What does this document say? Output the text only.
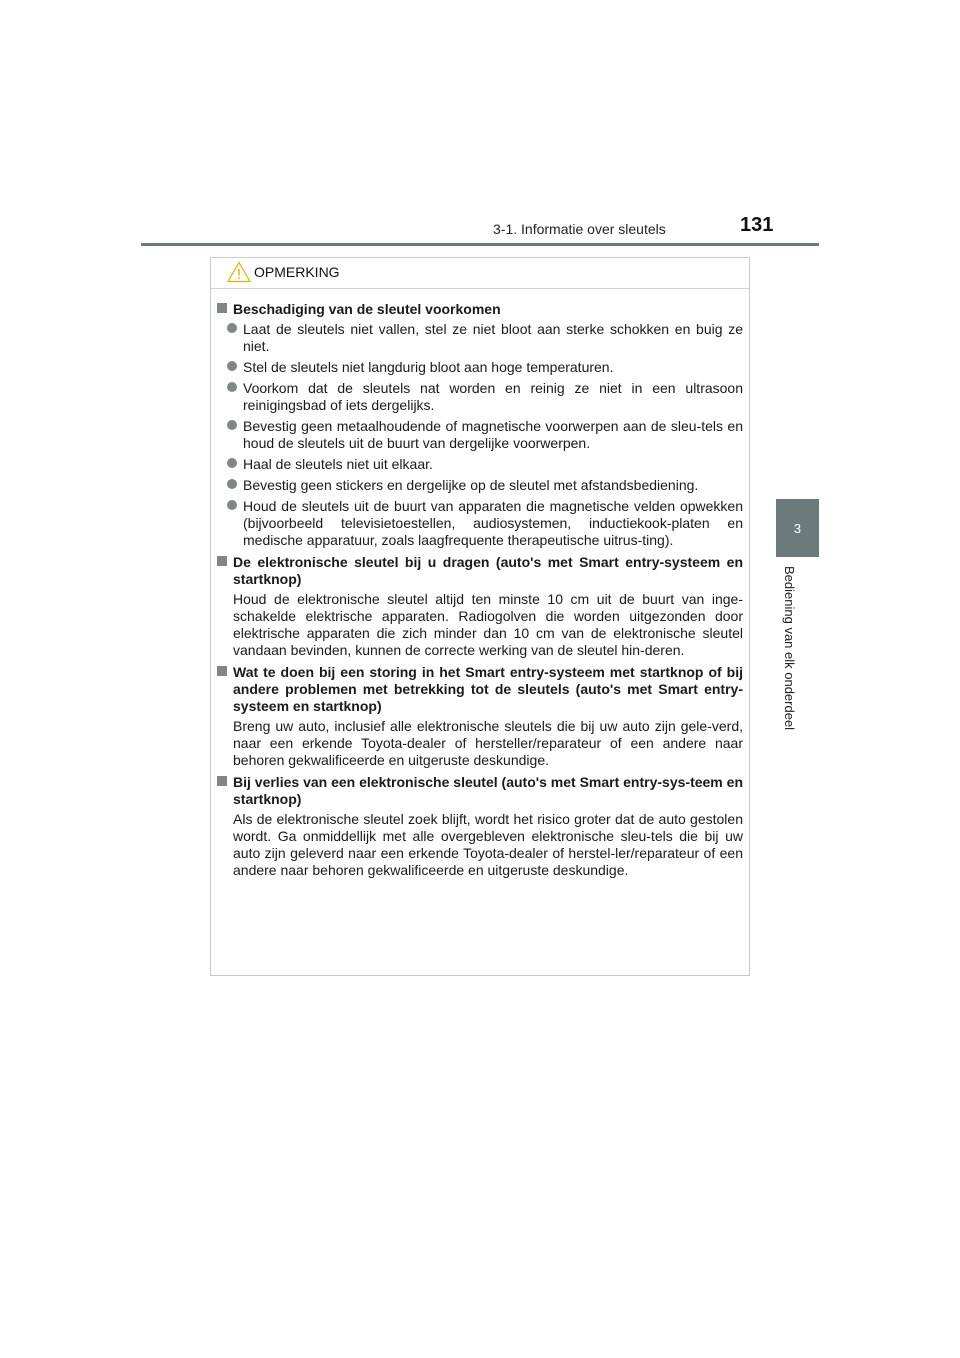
3-1. Informatie over sleutels	131
3
Bediening van elk onderdeel
OPMERKING
Beschadiging van de sleutel voorkomen
Laat de sleutels niet vallen, stel ze niet bloot aan sterke schokken en buig ze niet.
Stel de sleutels niet langdurig bloot aan hoge temperaturen.
Voorkom dat de sleutels nat worden en reinig ze niet in een ultrasoon reinigingsbad of iets dergelijks.
Bevestig geen metaalhoudende of magnetische voorwerpen aan de sleu-tels en houd de sleutels uit de buurt van dergelijke voorwerpen.
Haal de sleutels niet uit elkaar.
Bevestig geen stickers en dergelijke op de sleutel met afstandsbediening.
Houd de sleutels uit de buurt van apparaten die magnetische velden opwekken (bijvoorbeeld televisietoestellen, audiosystemen, inductiekook-platen en medische apparatuur, zoals laagfrequente therapeutische uitrus-ting).
De elektronische sleutel bij u dragen (auto's met Smart entry-systeem en startknop)
Houd de elektronische sleutel altijd ten minste 10 cm uit de buurt van inge-schakelde elektrische apparaten. Radiogolven die worden uitgezonden door elektrische apparaten die zich minder dan 10 cm van de elektronische sleutel vandaan bevinden, kunnen de correcte werking van de sleutel hin-deren.
Wat te doen bij een storing in het Smart entry-systeem met startknop of bij andere problemen met betrekking tot de sleutels (auto's met Smart entry-systeem en startknop)
Breng uw auto, inclusief alle elektronische sleutels die bij uw auto zijn gele-verd, naar een erkende Toyota-dealer of hersteller/reparateur of een andere naar behoren gekwalificeerde en uitgeruste deskundige.
Bij verlies van een elektronische sleutel (auto's met Smart entry-sys-teem en startknop)
Als de elektronische sleutel zoek blijft, wordt het risico groter dat de auto gestolen wordt. Ga onmiddellijk met alle overgebleven elektronische sleu-tels die bij uw auto zijn geleverd naar een erkende Toyota-dealer of herstel-ler/reparateur of een andere naar behoren gekwalificeerde en uitgeruste deskundige.
